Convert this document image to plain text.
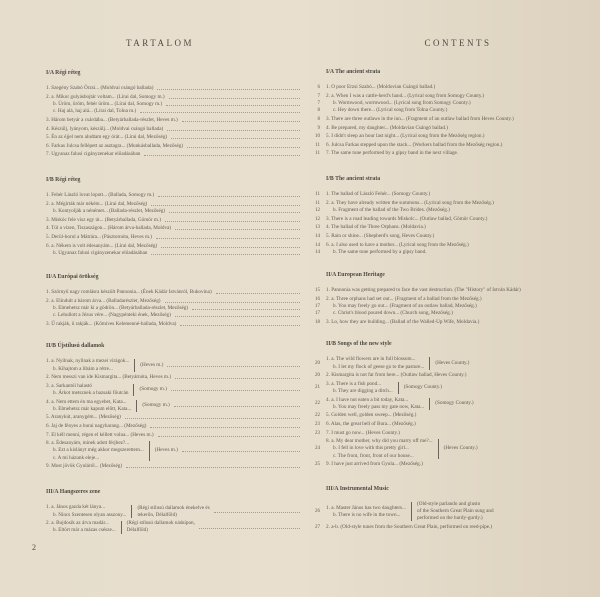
TARTALOM	CONTENTS
I/A Régi réteg
1. Szegény Szabó Örzsi... (Moldvai csángó ballada)
2. a. Mikor gulyásbojtár voltam... (Lírai dal, Somogy m.)
b. Üröm, üröm, fehér üröm... (Lírai dal, Somogy m.)
c. Haj alá, haj alá... (Lírai dal, Tolna m.)
3. Három betyár a csárdába... (Betyárballada-részlet, Heves m.)
4. Készülj, lyányom, készülj... (Moldvai csángó ballada)
5. Én az éjjel nem aludtam egy órát... (Lírai dal, Mezőség)
6. Farkas Julcsa fellépett az asztagra... (Munkásballada, Mezőség)
7. Ugyanaz falusi cigányzenekar előadásában
I/B Régi réteg
1. Fehér László lovat lopott... (Ballada, Somogy m.)
2. a. Mégirták már nékém... (Lírai dal, Mezőség)
b. Kontyolják a nénémet... (Ballada-részlet, Mezőség)
3. Miskóc fele visz egy út... (Betyárballada, Gömör m.)
4. Túl a vizen, Tiszaszágon... (Három árva-ballada, Moldva)
5. Derül-borul a Mátrára... (Pásztornóta, Heves m.)
6. a. Nékem is volt édesanyám... (Lírai dal, Mezőség)
b. Ugyanaz falusi cigányzenekar előadásában
II/A Európai örökség
1. Szörnyű nagy romlásra készült Pannonia... (Ének Kádár Istvánról, Bukovina)
2. a. Elindult a három árva... (Balladarészlet, Mezőség)
b. Elmehetsz már ki a gödrön... (Betyárballada-részlet, Mezőség)
c. Lehullott a Jézus vére... (Nagypénteki ének, Mezőség)
3. Ű rakják, ű rakják... (Kőmíves Kelemenné-ballada, Moldva)
II/B Újstílusú dallamok
1. a. Nyílnak, nyílnak a mezei virágok...
b. Kihajtom a libám a rétre...
(Heves m.)
2. Nem messzi van ide Kismargita... (Betyárnóta, Heves m.)
3. a. Sarkantói halastó
b. Árkot metsznek a bazsaki főutcán
(Somogy m.)
4. a. Nem ettem én ma egyebet, Kata...
b. Elmehetsz már kapum előtt, Kata...
(Somogy m.)
5. Aranykút, aranygém... (Mezőség)
6. Jaj de fényes a burai nagyharang... (Mezőség)
7. El kéll menni, régen el kéllett volna... (Heves m.)
8. a. Édesanyám, minek adott férjhez?...
b. Ezt a kislányt még akkor megszerettem...
c. A mi házunk eleje...
(Heves m.)
9. Most jövök Gyuláról... (Mezőség)
III/A Hangszeres zene
1. a. János gazda két lánya...
b. Nincs Szentesen olyan asszony...
(Régi stílusú dallamok énekelve és
tekerőn, Délalföld)
2. a. Bujdosik az árva madár...
b. Eltört már a mázas csésze...
(Régi stílusú dallamok nádsípon,
Délalföld)
I/A The ancient strata
6	1. O poor Erzsi Szabó... (Moldovian Csángó ballad.)
7	2. a. When I was a cattle-herd's hand... (Lyrical song from Somogy County.)
7	b. Wormwood, wormwood... (Lyrical song from Somogy County.)
8	c. Hey down there... (Lyrical song from Tolna County.)
8	3. There are three outlaws in the inn... (Fragment of an outlaw ballad from Heves County.)
9	4. Be prepared, my daughter... (Moldavian Csángó ballad.)
10	5. I didn't sleep an hour last night... (Lyrical song from the Mezőség region.)
11	6. Julcsa Farkas stepped upon the stack... (Workers ballad from the Mezőség region.)
11	7. The same tune performed by a gipsy band in the next village.
I/B The ancient strata
11	1. The ballad of László Fehér... (Somogy County.)
11	2. a. They have already written the summons... (Lyrical song from the Mezőség.)
12	b. Fragment of the ballad of the Two Brides. (Mezőség.)
12	3. There is a road leading towards Miskolc... (Outlaw ballad, Gömör County.)
13	4. The ballad of the Three Orphans. (Moldavia.)
14	5. Rain or shine... (Shepherd's song, Heves County.)
14	6. a. I also used to have a mother... (Lyrical song from the Mezőség.)
14	b. The same tune performed by a gipsy band.
II/A European Heritage
15	1. Pannonia was getting prepared to face the vast destruction. (The "History" of István Kádár)
16	2. a. Three orphans had set out... (Fragment of a ballad from the Mezőség.)
17	b. You may freely go out... (Fragment of an outlaw ballad, Mezőség.)
17	c. Christ's blood poured down... (Church song, Mezőség.)
18	3. Lo, how they are building... (Ballad of the Walled-Up Wife, Moldavia.)
II/B Songs of the new style
20
1. a. The wild flowers are in full blossom...
b. I let my flock of geese go to the pasture...
(Heves County.)
20	2. Kismargita is not far from here... (Outlaw ballad, Heves County.)
21
3. a. There is a fish pond...
b. They are digging a ditch...
(Somogy County.)
22
4. a. I have not eaten a bit today, Kata...
b. You may freely pass my gate now, Kata...
(Somogy County.)
22	5. Golden well, golden sweep... (Mezőség.)
23	6. Alas, the great bell of Bura... (Mezőség.)
23	7. I must go now... (Heves County.)
24
8. a. My dear mother, why did you marry off me?...
b. I fell in love with this pretty girl...
c. The front, front, front of our house...
(Heves County.)
25	9. I have just arrived from Gyula... (Mezőség.)
III/A Instrumental Music
26
1. a. Master János has two daughters...
b. There is no wife in the town...
(Old-style parlando and giusto
of the Southern Great Plain sung and
performed on the hurdy-gurdy.)
27	2. a-b. (Old-style tunes from the Southern Great Plain, performed on reed-pipe.)
2
